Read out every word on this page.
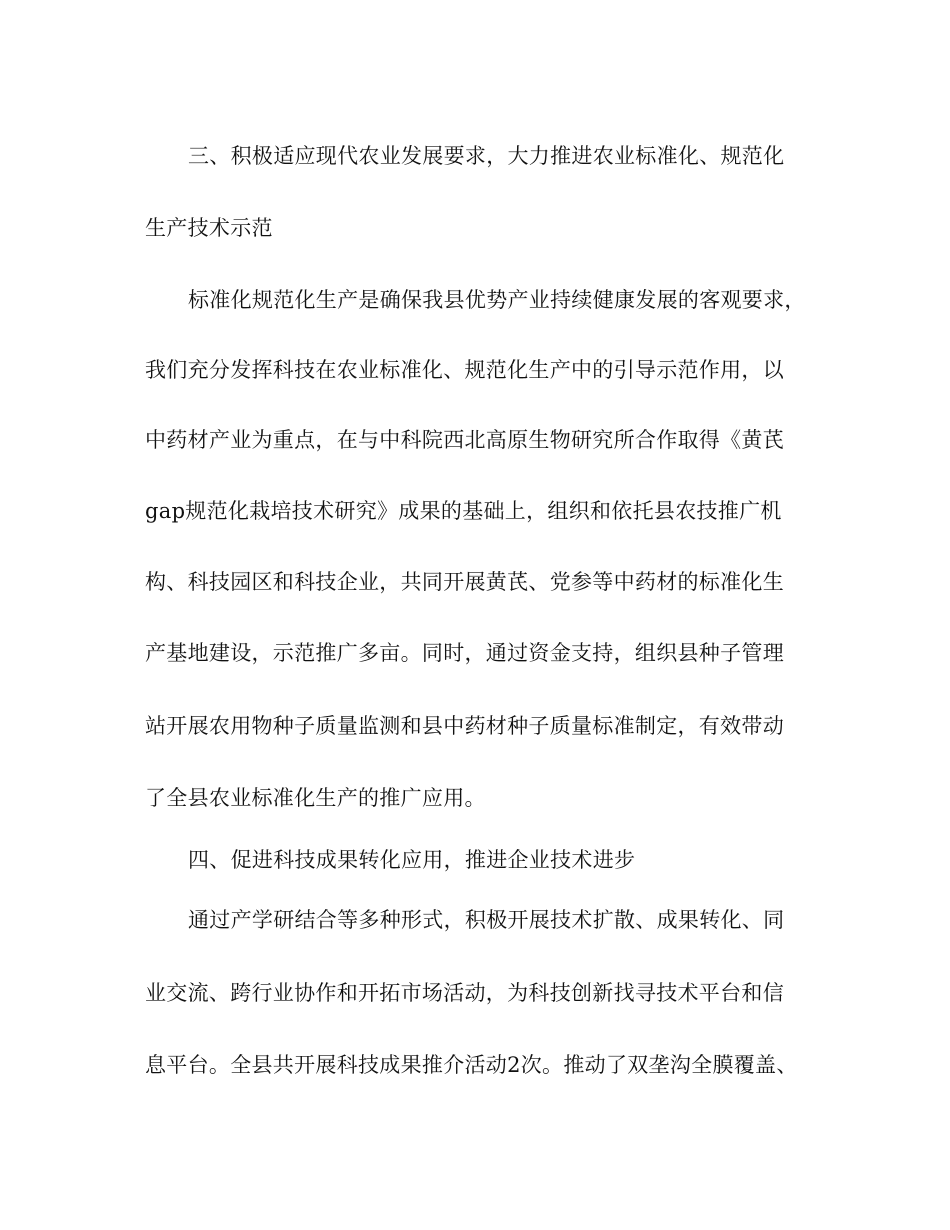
三、积极适应现代农业发展要求，大力推进农业标准化、规范化
生产技术示范
标准化规范化生产是确保我县优势产业持续健康发展的客观要求，
我们充分发挥科技在农业标准化、规范化生产中的引导示范作用，以
中药材产业为重点，在与中科院西北高原生物研究所合作取得《黄芪
gap规范化栽培技术研究》成果的基础上，组织和依托县农技推广机
构、科技园区和科技企业，共同开展黄芪、党参等中药材的标准化生
产基地建设，示范推广多亩。同时，通过资金支持，组织县种子管理
站开展农用物种子质量监测和县中药材种子质量标准制定，有效带动
了全县农业标准化生产的推广应用。
四、促进科技成果转化应用，推进企业技术进步
通过产学研结合等多种形式，积极开展技术扩散、成果转化、同
业交流、跨行业协作和开拓市场活动，为科技创新找寻技术平台和信
息平台。全县共开展科技成果推介活动2次。推动了双垄沟全膜覆盖、
